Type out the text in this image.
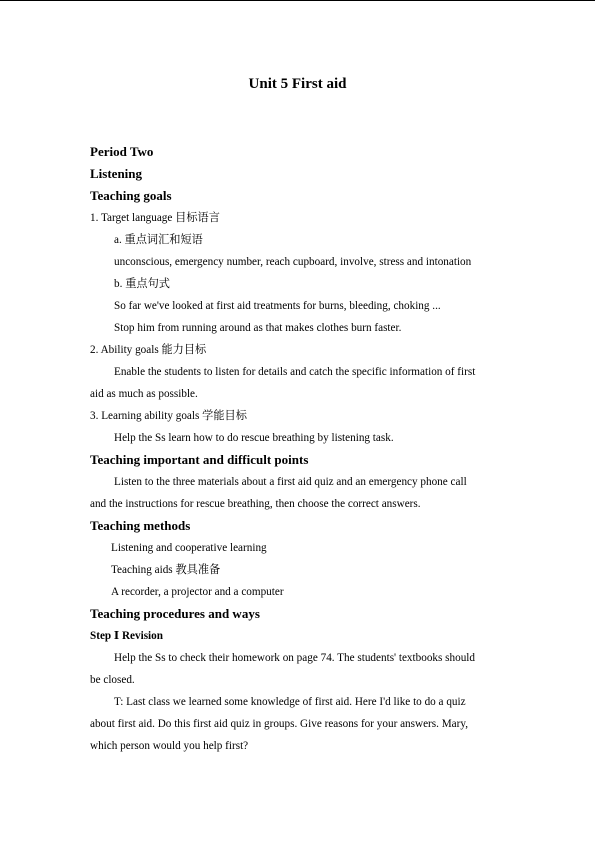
Unit 5 First aid
Period Two
Listening
Teaching goals
1. Target language 目标语言
a. 重点词汇和短语
unconscious, emergency number, reach cupboard, involve, stress and intonation
b. 重点句式
So far we've looked at first aid treatments for burns, bleeding, choking ...
Stop him from running around as that makes clothes burn faster.
2. Ability goals 能力目标
Enable the students to listen for details and catch the specific information of first
aid as much as possible.
3. Learning ability goals 学能目标
Help the Ss learn how to do rescue breathing by listening task.
Teaching important and difficult points
Listen to the three materials about a first aid quiz and an emergency phone call
and the instructions for rescue breathing, then choose the correct answers.
Teaching methods
Listening and cooperative learning
Teaching aids 教具准备
A recorder, a projector and a computer
Teaching procedures and ways
Step Ⅰ Revision
Help the Ss to check their homework on page 74. The students' textbooks should
be closed.
T: Last class we learned some knowledge of first aid. Here I'd like to do a quiz
about first aid. Do this first aid quiz in groups. Give reasons for your answers. Mary,
which person would you help first?
